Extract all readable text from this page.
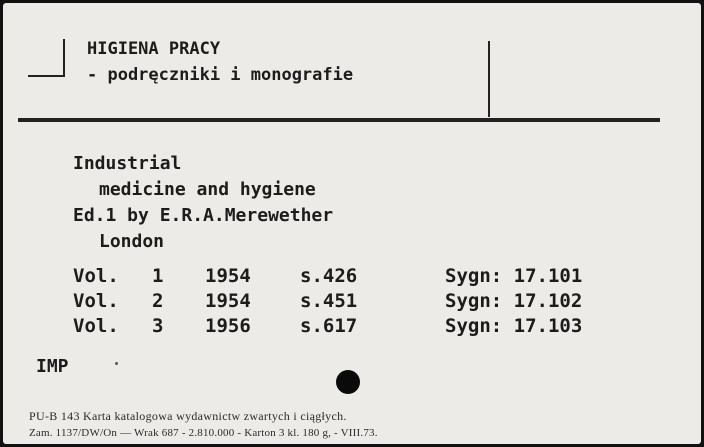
HIGIENA PRACY
- podręczniki i monografie
Industrial
medicine and hygiene
Ed.1 by E.R.A.Merewether
London
Vol. 1 1954	s.426	Sygn: 17.101
Vol. 2 1954	s.451	Sygn: 17.102
Vol. 3 1956	s.617	Sygn: 17.103
IMP
PU-B 143 Karta katalogowa wydawnictw zwartych i ciągłych.
Zam. 1137/DW/On — Wrak 687 - 2.810.000 - Karton 3 kl. 180 g, - VIII.73.
